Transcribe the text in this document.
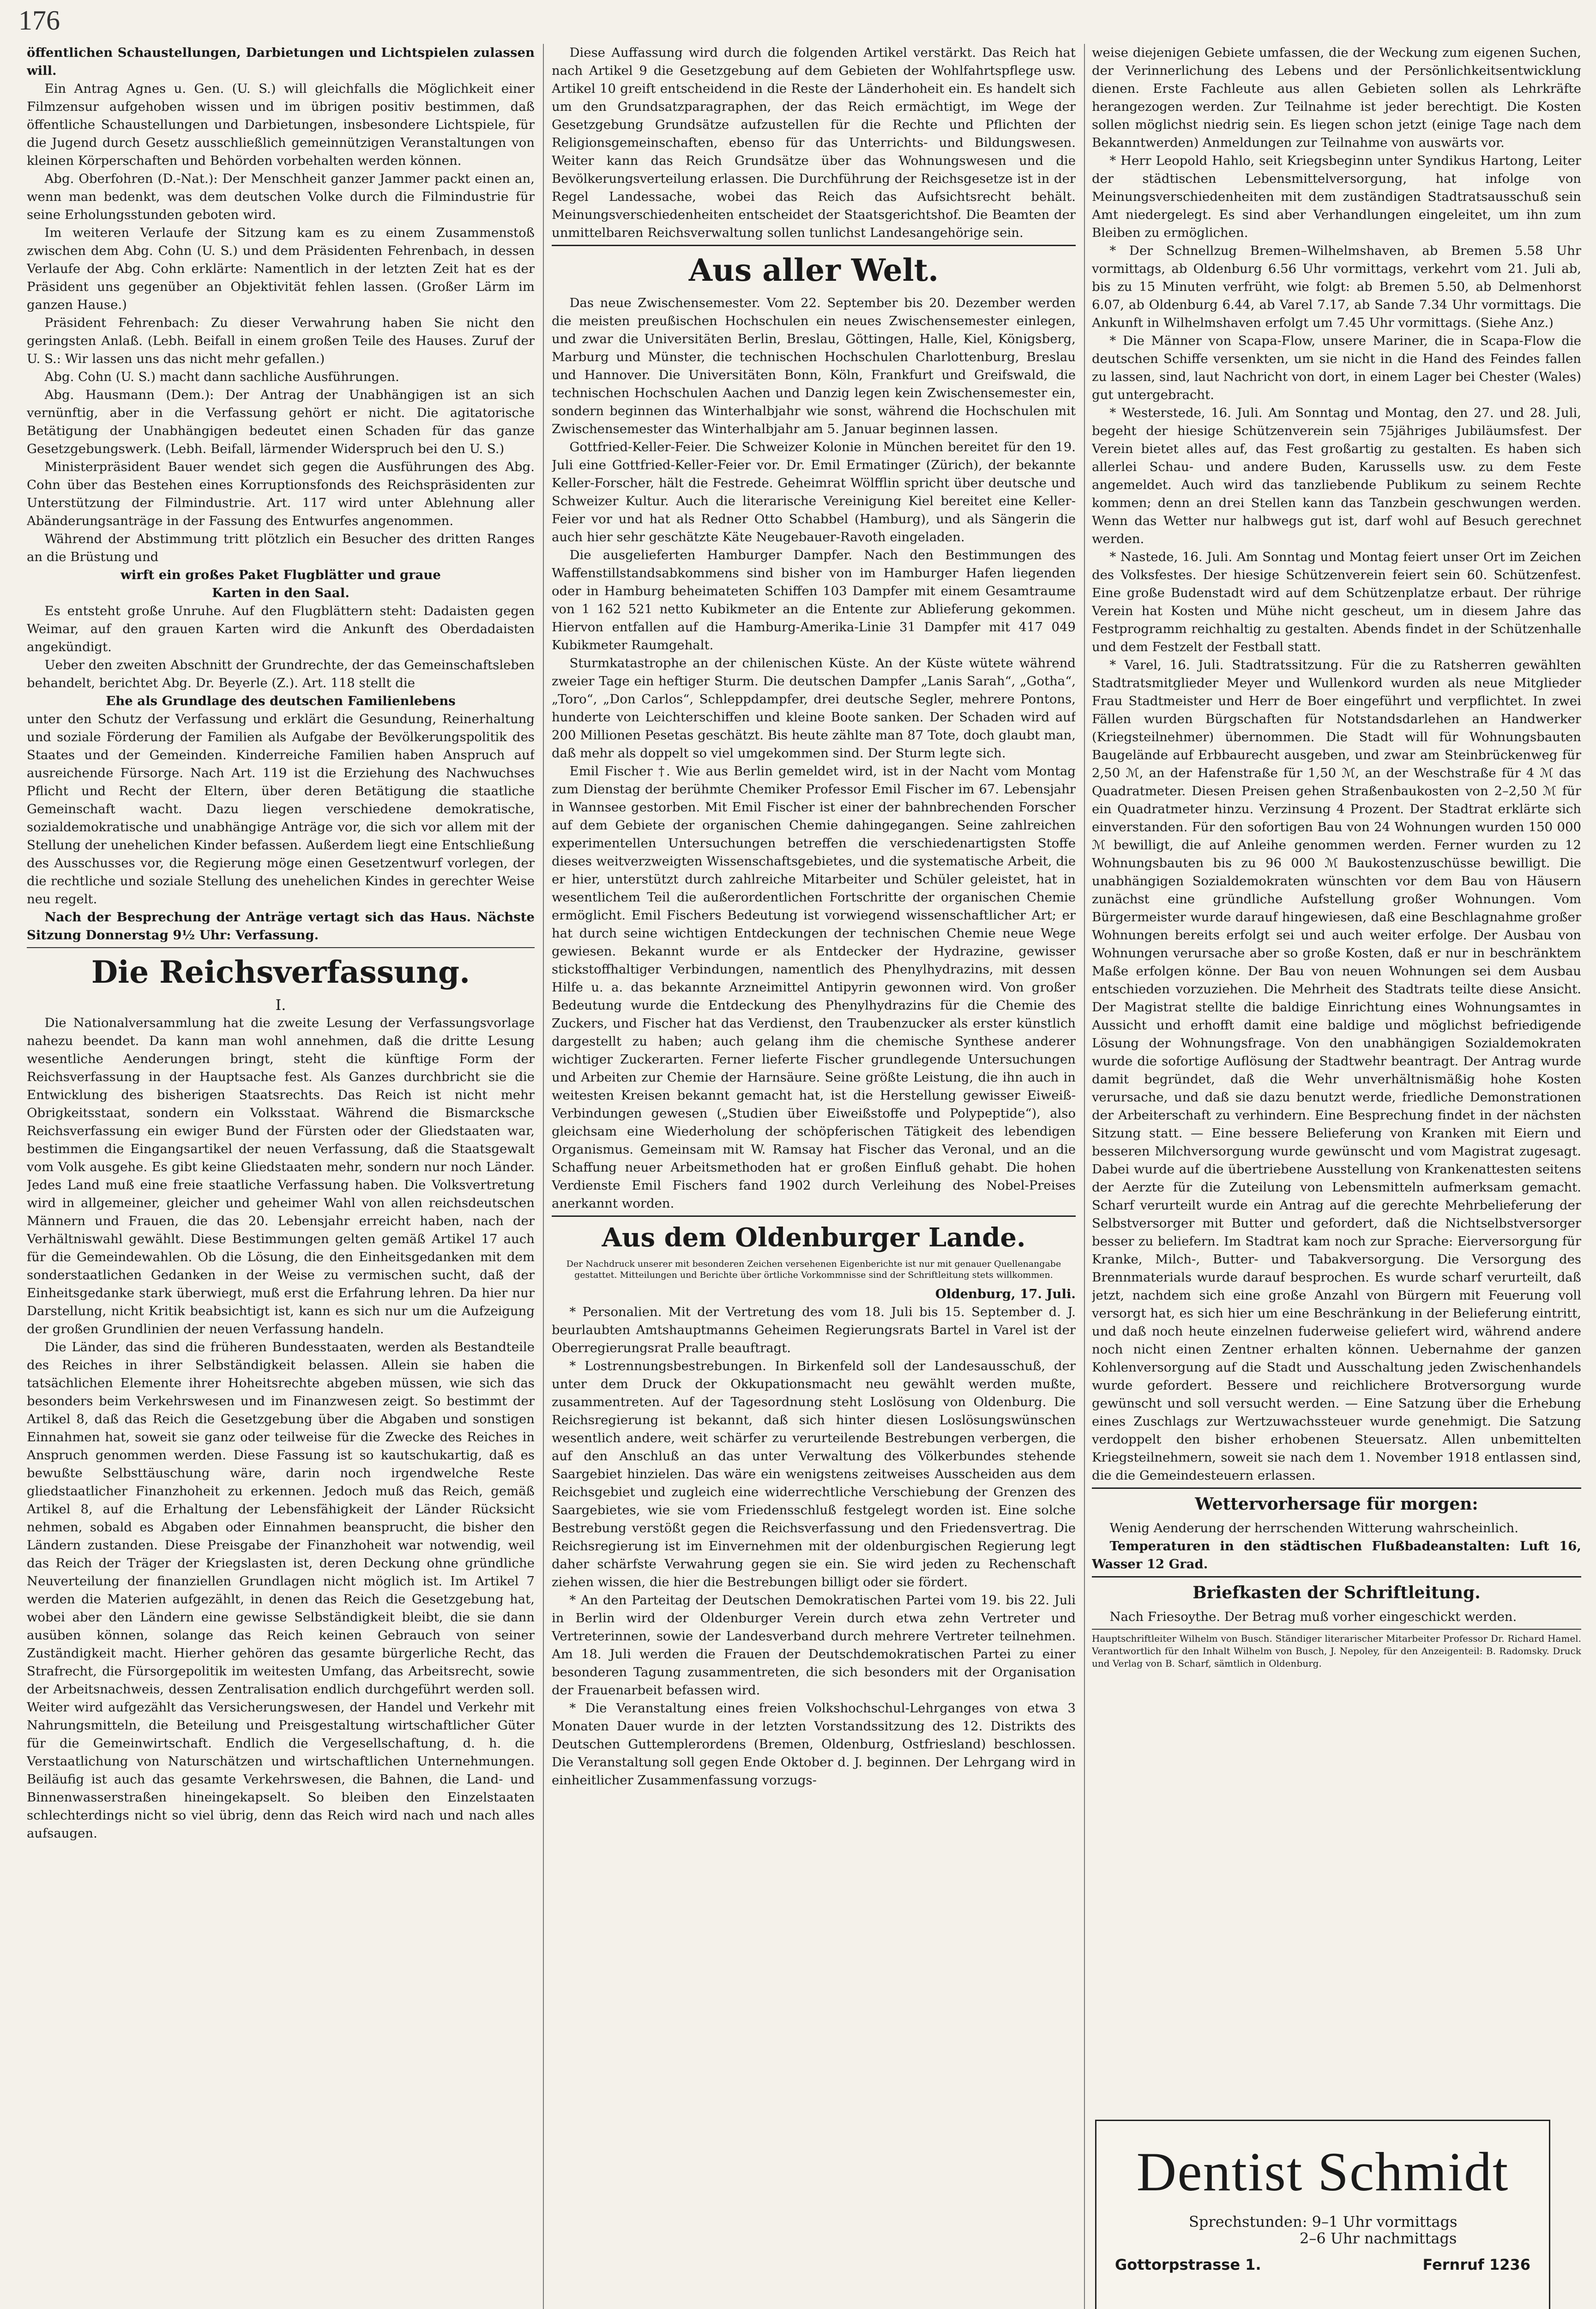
176

öffentlichen Schaustellungen, Darbietungen und Lichtspielen zulassen will.

Ein Antrag Agnes u. Gen. (U. S.) will gleichfalls die Möglichkeit einer Filmzensur aufgehoben wissen und im übrigen positiv bestimmen, daß öffentliche Schaustellungen und Darbietungen, insbesondere Lichtspiele, für die Jugend durch Gesetz ausschließlich gemeinnützigen Veranstaltungen von kleinen Körperschaften und Behörden vorbehalten werden können.

Abg. Oberfohren (D.-Nat.): Der Menschheit ganzer Jammer packt einen an, wenn man bedenkt, was dem deutschen Volke durch die Filmindustrie für seine Erholungsstunden geboten wird.

Im weiteren Verlaufe der Sitzung kam es zu einem Zusammenstoß zwischen dem Abg. Cohn (U. S.) und dem Präsidenten Fehrenbach, in dessen Verlaufe der Abg. Cohn erklärte: Namentlich in der letzten Zeit hat es der Präsident uns gegenüber an Objektivität fehlen lassen. (Großer Lärm im ganzen Hause.)

Präsident Fehrenbach: Zu dieser Verwahrung haben Sie nicht den geringsten Anlaß. (Lebh. Beifall in einem großen Teile des Hauses. Zuruf der U. S.: Wir lassen uns das nicht mehr gefallen.)

Abg. Cohn (U. S.) macht dann sachliche Ausführungen.

Abg. Hausmann (Dem.): Der Antrag der Unabhängigen ist an sich vernünftig, aber in die Verfassung gehört er nicht. Die agitatorische Betätigung der Unabhängigen bedeutet einen Schaden für das ganze Gesetzgebungswerk. (Lebh. Beifall, lärmender Widerspruch bei den U. S.)

Ministerpräsident Bauer wendet sich gegen die Ausführungen des Abg. Cohn über das Bestehen eines Korruptionsfonds des Reichspräsidenten zur Unterstützung der Filmindustrie. Art. 117 wird unter Ablehnung aller Abänderungsanträge in der Fassung des Entwurfes angenommen.

Während der Abstimmung tritt plötzlich ein Besucher des dritten Ranges an die Brüstung und

wirft ein großes Paket Flugblätter und graue

Karten in den Saal.

Es entsteht große Unruhe. Auf den Flugblättern steht: Dadaisten gegen Weimar, auf den grauen Karten wird die Ankunft des Oberdadaisten angekündigt.

Ueber den zweiten Abschnitt der Grundrechte, der das Gemeinschaftsleben behandelt, berichtet Abg. Dr. Beyerle (Z.). Art. 118 stellt die

Ehe als Grundlage des deutschen Familienlebens

unter den Schutz der Verfassung und erklärt die Gesundung, Reinerhaltung und soziale Förderung der Familien als Aufgabe der Bevölkerungspolitik des Staates und der Gemeinden. Kinderreiche Familien haben Anspruch auf ausreichende Fürsorge. Nach Art. 119 ist die Erziehung des Nachwuchses Pflicht und Recht der Eltern, über deren Betätigung die staatliche Gemeinschaft wacht. Dazu liegen verschiedene demokratische, sozialdemokratische und unabhängige Anträge vor, die sich vor allem mit der Stellung der unehelichen Kinder befassen. Außerdem liegt eine Entschließung des Ausschusses vor, die Regierung möge einen Gesetzentwurf vorlegen, der die rechtliche und soziale Stellung des unehelichen Kindes in gerechter Weise neu regelt.

Nach der Besprechung der Anträge vertagt sich das Haus. Nächste Sitzung Donnerstag 9½ Uhr: Verfassung.

Die Reichsverfassung.
I.

Die Nationalversammlung hat die zweite Lesung der Verfassungsvorlage nahezu beendet. Da kann man wohl annehmen, daß die dritte Lesung wesentliche Aenderungen bringt, steht die künftige Form der Reichsverfassung in der Hauptsache fest. Als Ganzes durchbricht sie die Entwicklung des bisherigen Staatsrechts. Das Reich ist nicht mehr Obrigkeitsstaat, sondern ein Volksstaat. Während die Bismarcksche Reichsverfassung ein ewiger Bund der Fürsten oder der Gliedstaaten war, bestimmen die Eingangsartikel der neuen Verfassung, daß die Staatsgewalt vom Volk ausgehe. Es gibt keine Gliedstaaten mehr, sondern nur noch Länder. Jedes Land muß eine freie staatliche Verfassung haben. Die Volksvertretung wird in allgemeiner, gleicher und geheimer Wahl von allen reichsdeutschen Männern und Frauen, die das 20. Lebensjahr erreicht haben, nach der Verhältniswahl gewählt. Diese Bestimmungen gelten gemäß Artikel 17 auch für die Gemeindewahlen. Ob die Lösung, die den Einheitsgedanken mit dem sonderstaatlichen Gedanken in der Weise zu vermischen sucht, daß der Einheitsgedanke stark überwiegt, muß erst die Erfahrung lehren. Da hier nur Darstellung, nicht Kritik beabsichtigt ist, kann es sich nur um die Aufzeigung der großen Grundlinien der neuen Verfassung handeln.

Die Länder, das sind die früheren Bundesstaaten, werden als Bestandteile des Reiches in ihrer Selbständigkeit belassen. Allein sie haben die tatsächlichen Elemente ihrer Hoheitsrechte abgeben müssen, wie sich das besonders beim Verkehrswesen und im Finanzwesen zeigt. So bestimmt der Artikel 8, daß das Reich die Gesetzgebung über die Abgaben und sonstigen Einnahmen hat, soweit sie ganz oder teilweise für die Zwecke des Reiches in Anspruch genommen werden. Diese Fassung ist so kautschukartig, daß es bewußte Selbsttäuschung wäre, darin noch irgendwelche Reste gliedstaatlicher Finanzhoheit zu erkennen. Jedoch muß das Reich, gemäß Artikel 8, auf die Erhaltung der Lebensfähigkeit der Länder Rücksicht nehmen, sobald es Abgaben oder Einnahmen beansprucht, die bisher den Ländern zustanden. Diese Preisgabe der Finanzhoheit war notwendig, weil das Reich der Träger der Kriegslasten ist, deren Deckung ohne gründliche Neuverteilung der finanziellen Grundlagen nicht möglich ist. Im Artikel 7 werden die Materien aufgezählt, in denen das Reich die Gesetzgebung hat, wobei aber den Ländern eine gewisse Selbständigkeit bleibt, die sie dann ausüben können, solange das Reich keinen Gebrauch von seiner Zuständigkeit macht. Hierher gehören das gesamte bürgerliche Recht, das Strafrecht, die Fürsorgepolitik im weitesten Umfang, das Arbeitsrecht, sowie der Arbeitsnachweis, dessen Zentralisation endlich durchgeführt werden soll. Weiter wird aufgezählt das Versicherungswesen, der Handel und Verkehr mit Nahrungsmitteln, die Beteilung und Preisgestaltung wirtschaftlicher Güter für die Gemeinwirtschaft. Endlich die Vergesellschaftung, d. h. die Verstaatlichung von Naturschätzen und wirtschaftlichen Unternehmungen. Beiläufig ist auch das gesamte Verkehrswesen, die Bahnen, die Land- und Binnenwasserstraßen hineingekapselt. So bleiben den Einzelstaaten schlechterdings nicht so viel übrig, denn das Reich wird nach und nach alles aufsaugen.

Diese Auffassung wird durch die folgenden Artikel verstärkt. Das Reich hat nach Artikel 9 die Gesetzgebung auf dem Gebieten der Wohlfahrtspflege usw. Artikel 10 greift entscheidend in die Reste der Länderhoheit ein. Es handelt sich um den Grundsatzparagraphen, der das Reich ermächtigt, im Wege der Gesetzgebung Grundsätze aufzustellen für die Rechte und Pflichten der Religionsgemeinschaften, ebenso für das Unterrichts- und Bildungswesen. Weiter kann das Reich Grundsätze über das Wohnungswesen und die Bevölkerungsverteilung erlassen. Die Durchführung der Reichsgesetze ist in der Regel Landessache, wobei das Reich das Aufsichtsrecht behält. Meinungsverschiedenheiten entscheidet der Staatsgerichtshof. Die Beamten der unmittelbaren Reichsverwaltung sollen tunlichst Landesangehörige sein.

Aus aller Welt.

Das neue Zwischensemester. Vom 22. September bis 20. Dezember werden die meisten preußischen Hochschulen ein neues Zwischensemester einlegen, und zwar die Universitäten Berlin, Breslau, Göttingen, Halle, Kiel, Königsberg, Marburg und Münster, die technischen Hochschulen Charlottenburg, Breslau und Hannover. Die Universitäten Bonn, Köln, Frankfurt und Greifswald, die technischen Hochschulen Aachen und Danzig legen kein Zwischensemester ein, sondern beginnen das Winterhalbjahr wie sonst, während die Hochschulen mit Zwischensemester das Winterhalbjahr am 5. Januar beginnen lassen.

Gottfried-Keller-Feier. Die Schweizer Kolonie in München bereitet für den 19. Juli eine Gottfried-Keller-Feier vor. Dr. Emil Ermatinger (Zürich), der bekannte Keller-Forscher, hält die Festrede. Geheimrat Wölfflin spricht über deutsche und Schweizer Kultur. Auch die literarische Vereinigung Kiel bereitet eine Keller-Feier vor und hat als Redner Otto Schabbel (Hamburg), und als Sängerin die auch hier sehr geschätzte Käte Neugebauer-Ravoth eingeladen.

Die ausgelieferten Hamburger Dampfer. Nach den Bestimmungen des Waffenstillstandsabkommens sind bisher von im Hamburger Hafen liegenden oder in Hamburg beheimateten Schiffen 103 Dampfer mit einem Gesamtraume von 1 162 521 netto Kubikmeter an die Entente zur Ablieferung gekommen. Hiervon entfallen auf die Hamburg-Amerika-Linie 31 Dampfer mit 417 049 Kubikmeter Raumgehalt.

Sturmkatastrophe an der chilenischen Küste. An der Küste wütete während zweier Tage ein heftiger Sturm. Die deutschen Dampfer „Lanis Sarah“, „Gotha“, „Toro“, „Don Carlos“, Schleppdampfer, drei deutsche Segler, mehrere Pontons, hunderte von Leichterschiffen und kleine Boote sanken. Der Schaden wird auf 200 Millionen Pesetas geschätzt. Bis heute zählte man 87 Tote, doch glaubt man, daß mehr als doppelt so viel umgekommen sind. Der Sturm legte sich.

Emil Fischer †. Wie aus Berlin gemeldet wird, ist in der Nacht vom Montag zum Dienstag der berühmte Chemiker Professor Emil Fischer im 67. Lebensjahr in Wannsee gestorben. Mit Emil Fischer ist einer der bahnbrechenden Forscher auf dem Gebiete der organischen Chemie dahingegangen. Seine zahlreichen experimentellen Untersuchungen betreffen die verschiedenartigsten Stoffe dieses weitverzweigten Wissenschaftsgebietes, und die systematische Arbeit, die er hier, unterstützt durch zahlreiche Mitarbeiter und Schüler geleistet, hat in wesentlichem Teil die außerordentlichen Fortschritte der organischen Chemie ermöglicht. Emil Fischers Bedeutung ist vorwiegend wissenschaftlicher Art; er hat durch seine wichtigen Entdeckungen der technischen Chemie neue Wege gewiesen. Bekannt wurde er als Entdecker der Hydrazine, gewisser stickstoffhaltiger Verbindungen, namentlich des Phenylhydrazins, mit dessen Hilfe u. a. das bekannte Arzneimittel Antipyrin gewonnen wird. Von großer Bedeutung wurde die Entdeckung des Phenylhydrazins für die Chemie des Zuckers, und Fischer hat das Verdienst, den Traubenzucker als erster künstlich dargestellt zu haben; auch gelang ihm die chemische Synthese anderer wichtiger Zuckerarten. Ferner lieferte Fischer grundlegende Untersuchungen und Arbeiten zur Chemie der Harnsäure. Seine größte Leistung, die ihn auch in weitesten Kreisen bekannt gemacht hat, ist die Herstellung gewisser Eiweiß-Verbindungen gewesen („Studien über Eiweißstoffe und Polypeptide“), also gleichsam eine Wiederholung der schöpferischen Tätigkeit des lebendigen Organismus. Gemeinsam mit W. Ramsay hat Fischer das Veronal, und an die Schaffung neuer Arbeitsmethoden hat er großen Einfluß gehabt. Die hohen Verdienste Emil Fischers fand 1902 durch Verleihung des Nobel-Preises anerkannt worden.

Aus dem Oldenburger Lande.
Der Nachdruck unserer mit besonderen Zeichen versehenen Eigenberichte ist nur mit genauer Quellenangabe gestattet. Mitteilungen und Berichte über örtliche Vorkommnisse sind der Schriftleitung stets willkommen.

Oldenburg, 17. Juli.

* Personalien. Mit der Vertretung des vom 18. Juli bis 15. September d. J. beurlaubten Amtshauptmanns Geheimen Regierungsrats Bartel in Varel ist der Oberregierungsrat Pralle beauftragt.

* Lostrennungsbestrebungen. In Birkenfeld soll der Landesausschuß, der unter dem Druck der Okkupationsmacht neu gewählt werden mußte, zusammentreten. Auf der Tagesordnung steht Loslösung von Oldenburg. Die Reichsregierung ist bekannt, daß sich hinter diesen Loslösungswünschen wesentlich andere, weit schärfer zu verurteilende Bestrebungen verbergen, die auf den Anschluß an das unter Verwaltung des Völkerbundes stehende Saargebiet hinzielen. Das wäre ein wenigstens zeitweises Ausscheiden aus dem Reichsgebiet und zugleich eine widerrechtliche Verschiebung der Grenzen des Saargebietes, wie sie vom Friedensschluß festgelegt worden ist. Eine solche Bestrebung verstößt gegen die Reichsverfassung und den Friedensvertrag. Die Reichsregierung ist im Einvernehmen mit der oldenburgischen Regierung legt daher schärfste Verwahrung gegen sie ein. Sie wird jeden zu Rechenschaft ziehen wissen, die hier die Bestrebungen billigt oder sie fördert.

* An den Parteitag der Deutschen Demokratischen Partei vom 19. bis 22. Juli in Berlin wird der Oldenburger Verein durch etwa zehn Vertreter und Vertreterinnen, sowie der Landesverband durch mehrere Vertreter teilnehmen. Am 18. Juli werden die Frauen der Deutschdemokratischen Partei zu einer besonderen Tagung zusammentreten, die sich besonders mit der Organisation der Frauenarbeit befassen wird.

* Die Veranstaltung eines freien Volkshochschul-Lehrganges von etwa 3 Monaten Dauer wurde in der letzten Vorstandssitzung des 12. Distrikts des Deutschen Guttemplerordens (Bremen, Oldenburg, Ostfriesland) beschlossen. Die Veranstaltung soll gegen Ende Oktober d. J. beginnen. Der Lehrgang wird in einheitlicher Zusammenfassung vorzugs-

weise diejenigen Gebiete umfassen, die der Weckung zum eigenen Suchen, der Verinnerlichung des Lebens und der Persönlichkeitsentwicklung dienen. Erste Fachleute aus allen Gebieten sollen als Lehrkräfte herangezogen werden. Zur Teilnahme ist jeder berechtigt. Die Kosten sollen möglichst niedrig sein. Es liegen schon jetzt (einige Tage nach dem Bekanntwerden) Anmeldungen zur Teilnahme von auswärts vor.

* Herr Leopold Hahlo, seit Kriegsbeginn unter Syndikus Hartong, Leiter der städtischen Lebensmittelversorgung, hat infolge von Meinungsverschiedenheiten mit dem zuständigen Stadtratsausschuß sein Amt niedergelegt. Es sind aber Verhandlungen eingeleitet, um ihn zum Bleiben zu ermöglichen.

* Der Schnellzug Bremen–Wilhelmshaven, ab Bremen 5.58 Uhr vormittags, ab Oldenburg 6.56 Uhr vormittags, verkehrt vom 21. Juli ab, bis zu 15 Minuten verfrüht, wie folgt: ab Bremen 5.50, ab Delmenhorst 6.07, ab Oldenburg 6.44, ab Varel 7.17, ab Sande 7.34 Uhr vormittags. Die Ankunft in Wilhelmshaven erfolgt um 7.45 Uhr vormittags. (Siehe Anz.)

* Die Männer von Scapa-Flow, unsere Mariner, die in Scapa-Flow die deutschen Schiffe versenkten, um sie nicht in die Hand des Feindes fallen zu lassen, sind, laut Nachricht von dort, in einem Lager bei Chester (Wales) gut untergebracht.

* Westerstede, 16. Juli. Am Sonntag und Montag, den 27. und 28. Juli, begeht der hiesige Schützenverein sein 75jähriges Jubiläumsfest. Der Verein bietet alles auf, das Fest großartig zu gestalten. Es haben sich allerlei Schau- und andere Buden, Karussells usw. zu dem Feste angemeldet. Auch wird das tanzliebende Publikum zu seinem Rechte kommen; denn an drei Stellen kann das Tanzbein geschwungen werden. Wenn das Wetter nur halbwegs gut ist, darf wohl auf Besuch gerechnet werden.

* Nastede, 16. Juli. Am Sonntag und Montag feiert unser Ort im Zeichen des Volksfestes. Der hiesige Schützenverein feiert sein 60. Schützenfest. Eine große Budenstadt wird auf dem Schützenplatze erbaut. Der rührige Verein hat Kosten und Mühe nicht gescheut, um in diesem Jahre das Festprogramm reichhaltig zu gestalten. Abends findet in der Schützenhalle und dem Festzelt der Festball statt.

* Varel, 16. Juli. Stadtratssitzung. Für die zu Ratsherren gewählten Stadtratsmitglieder Meyer und Wullenkord wurden als neue Mitglieder Frau Stadtmeister und Herr de Boer eingeführt und verpflichtet. In zwei Fällen wurden Bürgschaften für Notstandsdarlehen an Handwerker (Kriegsteilnehmer) übernommen. Die Stadt will für Wohnungsbauten Baugelände auf Erbbaurecht ausgeben, und zwar am Steinbrückenweg für 2,50 ℳ, an der Hafenstraße für 1,50 ℳ, an der Weschstraße für 4 ℳ das Quadratmeter. Diesen Preisen gehen Straßenbaukosten von 2–2,50 ℳ für ein Quadratmeter hinzu. Verzinsung 4 Prozent. Der Stadtrat erklärte sich einverstanden. Für den sofortigen Bau von 24 Wohnungen wurden 150 000 ℳ bewilligt, die auf Anleihe genommen werden. Ferner wurden zu 12 Wohnungsbauten bis zu 96 000 ℳ Baukostenzuschüsse bewilligt. Die unabhängigen Sozialdemokraten wünschten vor dem Bau von Häusern zunächst eine gründliche Aufstellung großer Wohnungen. Vom Bürgermeister wurde darauf hingewiesen, daß eine Beschlagnahme großer Wohnungen bereits erfolgt sei und auch weiter erfolge. Der Ausbau von Wohnungen verursache aber so große Kosten, daß er nur in beschränktem Maße erfolgen könne. Der Bau von neuen Wohnungen sei dem Ausbau entschieden vorzuziehen. Die Mehrheit des Stadtrats teilte diese Ansicht. Der Magistrat stellte die baldige Einrichtung eines Wohnungsamtes in Aussicht und erhofft damit eine baldige und möglichst befriedigende Lösung der Wohnungsfrage. Von den unabhängigen Sozialdemokraten wurde die sofortige Auflösung der Stadtwehr beantragt. Der Antrag wurde damit begründet, daß die Wehr unverhältnismäßig hohe Kosten verursache, und daß sie dazu benutzt werde, friedliche Demonstrationen der Arbeiterschaft zu verhindern. Eine Besprechung findet in der nächsten Sitzung statt. — Eine bessere Belieferung von Kranken mit Eiern und besseren Milchversorgung wurde gewünscht und vom Magistrat zugesagt. Dabei wurde auf die übertriebene Ausstellung von Krankenattesten seitens der Aerzte für die Zuteilung von Lebensmitteln aufmerksam gemacht. Scharf verurteilt wurde ein Antrag auf die gerechte Mehrbelieferung der Selbstversorger mit Butter und gefordert, daß die Nichtselbstversorger besser zu beliefern. Im Stadtrat kam noch zur Sprache: Eierversorgung für Kranke, Milch-, Butter- und Tabakversorgung. Die Versorgung des Brennmaterials wurde darauf besprochen. Es wurde scharf verurteilt, daß jetzt, nachdem sich eine große Anzahl von Bürgern mit Feuerung voll versorgt hat, es sich hier um eine Beschränkung in der Belieferung eintritt, und daß noch heute einzelnen fuderweise geliefert wird, während andere noch nicht einen Zentner erhalten können. Uebernahme der ganzen Kohlenversorgung auf die Stadt und Ausschaltung jeden Zwischenhandels wurde gefordert. Bessere und reichlichere Brotversorgung wurde gewünscht und soll versucht werden. — Eine Satzung über die Erhebung eines Zuschlags zur Wertzuwachssteuer wurde genehmigt. Die Satzung verdoppelt den bisher erhobenen Steuersatz. Allen unbemittelten Kriegsteilnehmern, soweit sie nach dem 1. November 1918 entlassen sind, die die Gemeindesteuern erlassen.

Wettervorhersage für morgen:

Wenig Aenderung der herrschenden Witterung wahrscheinlich.

Temperaturen in den städtischen Flußbadeanstalten: Luft 16, Wasser 12 Grad.

Briefkasten der Schriftleitung.

Nach Friesoythe. Der Betrag muß vorher eingeschickt werden.

Hauptschriftleiter Wilhelm von Busch. Ständiger literarischer Mitarbeiter Professor Dr. Richard Hamel. Verantwortlich für den Inhalt Wilhelm von Busch, J. Nepoley, für den Anzeigenteil: B. Radomsky. Druck und Verlag von B. Scharf, sämtlich in Oldenburg.
Dentist Schmidt
Sprechstunden: 9–1 Uhr vormittags
2–6 Uhr nachmittags
Gottorpstrasse 1.	Fernruf 1236
